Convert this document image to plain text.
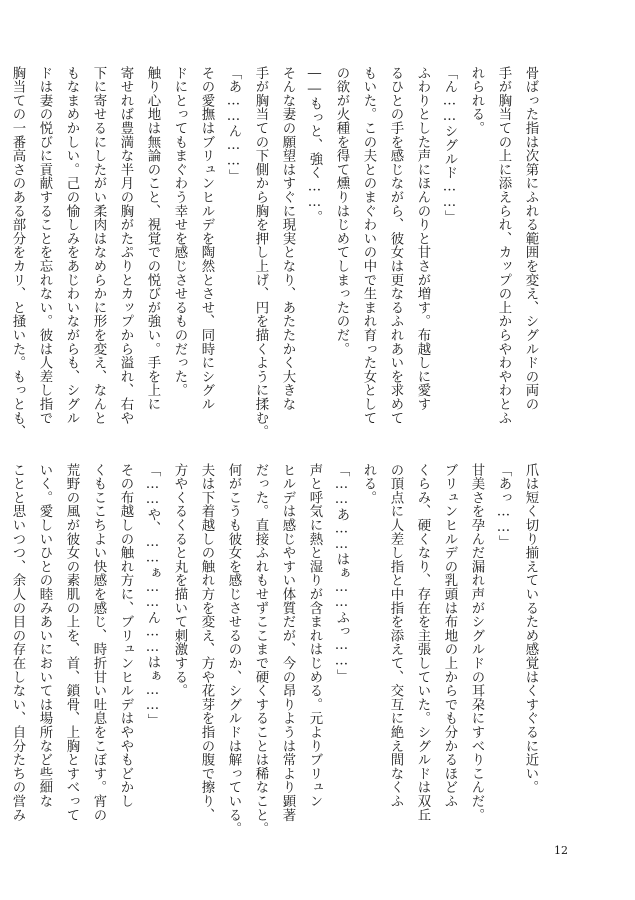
骨ばった指は次第にふれる範囲を変え、シグルドの両の
手が胸当ての上に添えられ、カップの上からやわやわとふ
れられる。
「ん……シグルド……」
ふわりとした声にほんのりと甘さが増す。布越しに愛す
るひとの手を感じながら、彼女は更なるふれあいを求めて
もいた。この夫とのまぐわいの中で生まれ育った女として
の欲が火種を得て燻りはじめてしまったのだ。
――もっと、強く……。
そんな妻の願望はすぐに現実となり、あたたかく大きな
手が胸当ての下側から胸を押し上げ、円を描くように揉む。
「あ……ん……」
その愛撫はブリュンヒルデを陶然とさせ、同時にシグル
ドにとってもまぐわう幸せを感じさせるものだった。
触り心地は無論のこと、視覚での悦びが強い。手を上に
寄せれば豊満な半月の胸がたぷりとカップから溢れ、右や
下に寄せるにしたがい柔肉はなめらかに形を変え、なんと
もなまめかしい。己の愉しみをあじわいながらも、シグル
ドは妻の悦びに貢献することを忘れない。彼は人差し指で
胸当ての一番高さのある部分をカリ、と掻いた。もっとも、
爪は短く切り揃えているため感覚はくすぐるに近い。
「あっ……」
甘美さを孕んだ漏れ声がシグルドの耳朶にすべりこんだ。
ブリュンヒルデの乳頭は布地の上からでも分かるほどふ
くらみ、硬くなり、存在を主張していた。シグルドは双丘
の頂点に人差し指と中指を添えて、交互に絶え間なくふ
れる。
「……あ……はぁ……ふっ……」
声と呼気に熱と湿りが含まれはじめる。元よりブリュン
ヒルデは感じやすい体質だが、今の昂りようは常より顕著
だった。直接ふれもせずここまで硬くすることは稀なこと。
何がこうも彼女を感じさせるのか、シグルドは解っている。
夫は下着越しの触れ方を変え、方や花芽を指の腹で擦り、
方やくるくると丸を描いて刺激する。
「……や、……ぁ……ん……はぁ……」
その布越しの触れ方に、ブリュンヒルデはややもどかし
くもここちよい快感を感じ、時折甘い吐息をこぼす。宵の
荒野の風が彼女の素肌の上を、首、鎖骨、上胸とすべって
いく。愛しいひとの睦みあいにおいては場所など些細な
ことと思いつつ、余人の目の存在しない、自分たちの営み
12
